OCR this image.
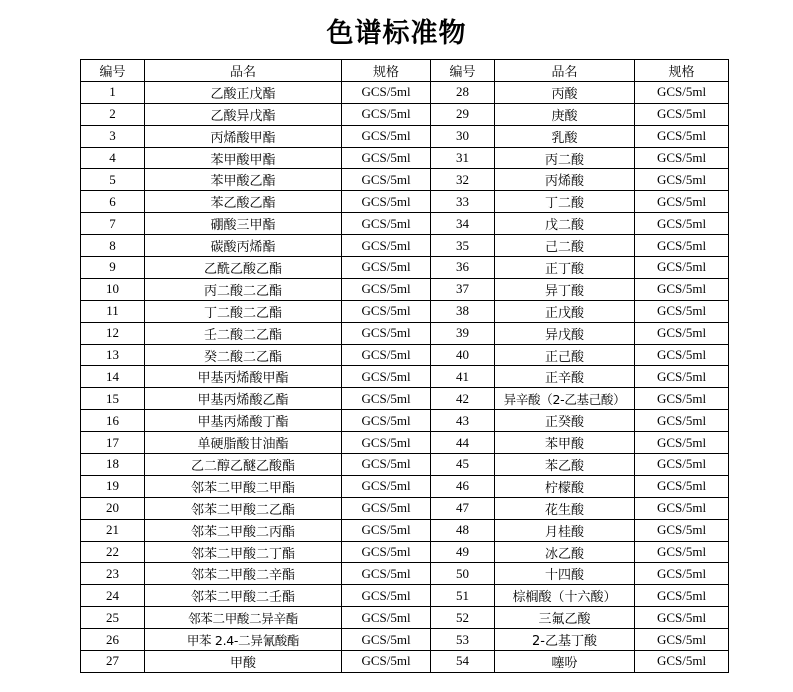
色谱标准物
编号	品名	规格	编号	品名	规格
1	乙酸正戊酯	GCS/5ml	28	丙酸	GCS/5ml
2	乙酸异戊酯	GCS/5ml	29	庚酸	GCS/5ml
3	丙烯酸甲酯	GCS/5ml	30	乳酸	GCS/5ml
4	苯甲酸甲酯	GCS/5ml	31	丙二酸	GCS/5ml
5	苯甲酸乙酯	GCS/5ml	32	丙烯酸	GCS/5ml
6	苯乙酸乙酯	GCS/5ml	33	丁二酸	GCS/5ml
7	硼酸三甲酯	GCS/5ml	34	戊二酸	GCS/5ml
8	碳酸丙烯酯	GCS/5ml	35	己二酸	GCS/5ml
9	乙酰乙酸乙酯	GCS/5ml	36	正丁酸	GCS/5ml
10	丙二酸二乙酯	GCS/5ml	37	异丁酸	GCS/5ml
11	丁二酸二乙酯	GCS/5ml	38	正戊酸	GCS/5ml
12	壬二酸二乙酯	GCS/5ml	39	异戊酸	GCS/5ml
13	癸二酸二乙酯	GCS/5ml	40	正己酸	GCS/5ml
14	甲基丙烯酸甲酯	GCS/5ml	41	正辛酸	GCS/5ml
15	甲基丙烯酸乙酯	GCS/5ml	42	异辛酸（2-乙基己酸）	GCS/5ml
16	甲基丙烯酸丁酯	GCS/5ml	43	正癸酸	GCS/5ml
17	单硬脂酸甘油酯	GCS/5ml	44	苯甲酸	GCS/5ml
18	乙二醇乙醚乙酸酯	GCS/5ml	45	苯乙酸	GCS/5ml
19	邻苯二甲酸二甲酯	GCS/5ml	46	柠檬酸	GCS/5ml
20	邻苯二甲酸二乙酯	GCS/5ml	47	花生酸	GCS/5ml
21	邻苯二甲酸二丙酯	GCS/5ml	48	月桂酸	GCS/5ml
22	邻苯二甲酸二丁酯	GCS/5ml	49	冰乙酸	GCS/5ml
23	邻苯二甲酸二辛酯	GCS/5ml	50	十四酸	GCS/5ml
24	邻苯二甲酸二壬酯	GCS/5ml	51	棕榈酸（十六酸）	GCS/5ml
25	邻苯二甲酸二异辛酯	GCS/5ml	52	三氟乙酸	GCS/5ml
26	甲苯 2.4-二异氰酸酯	GCS/5ml	53	2-乙基丁酸	GCS/5ml
27	甲酸	GCS/5ml	54	噻吩	GCS/5ml
